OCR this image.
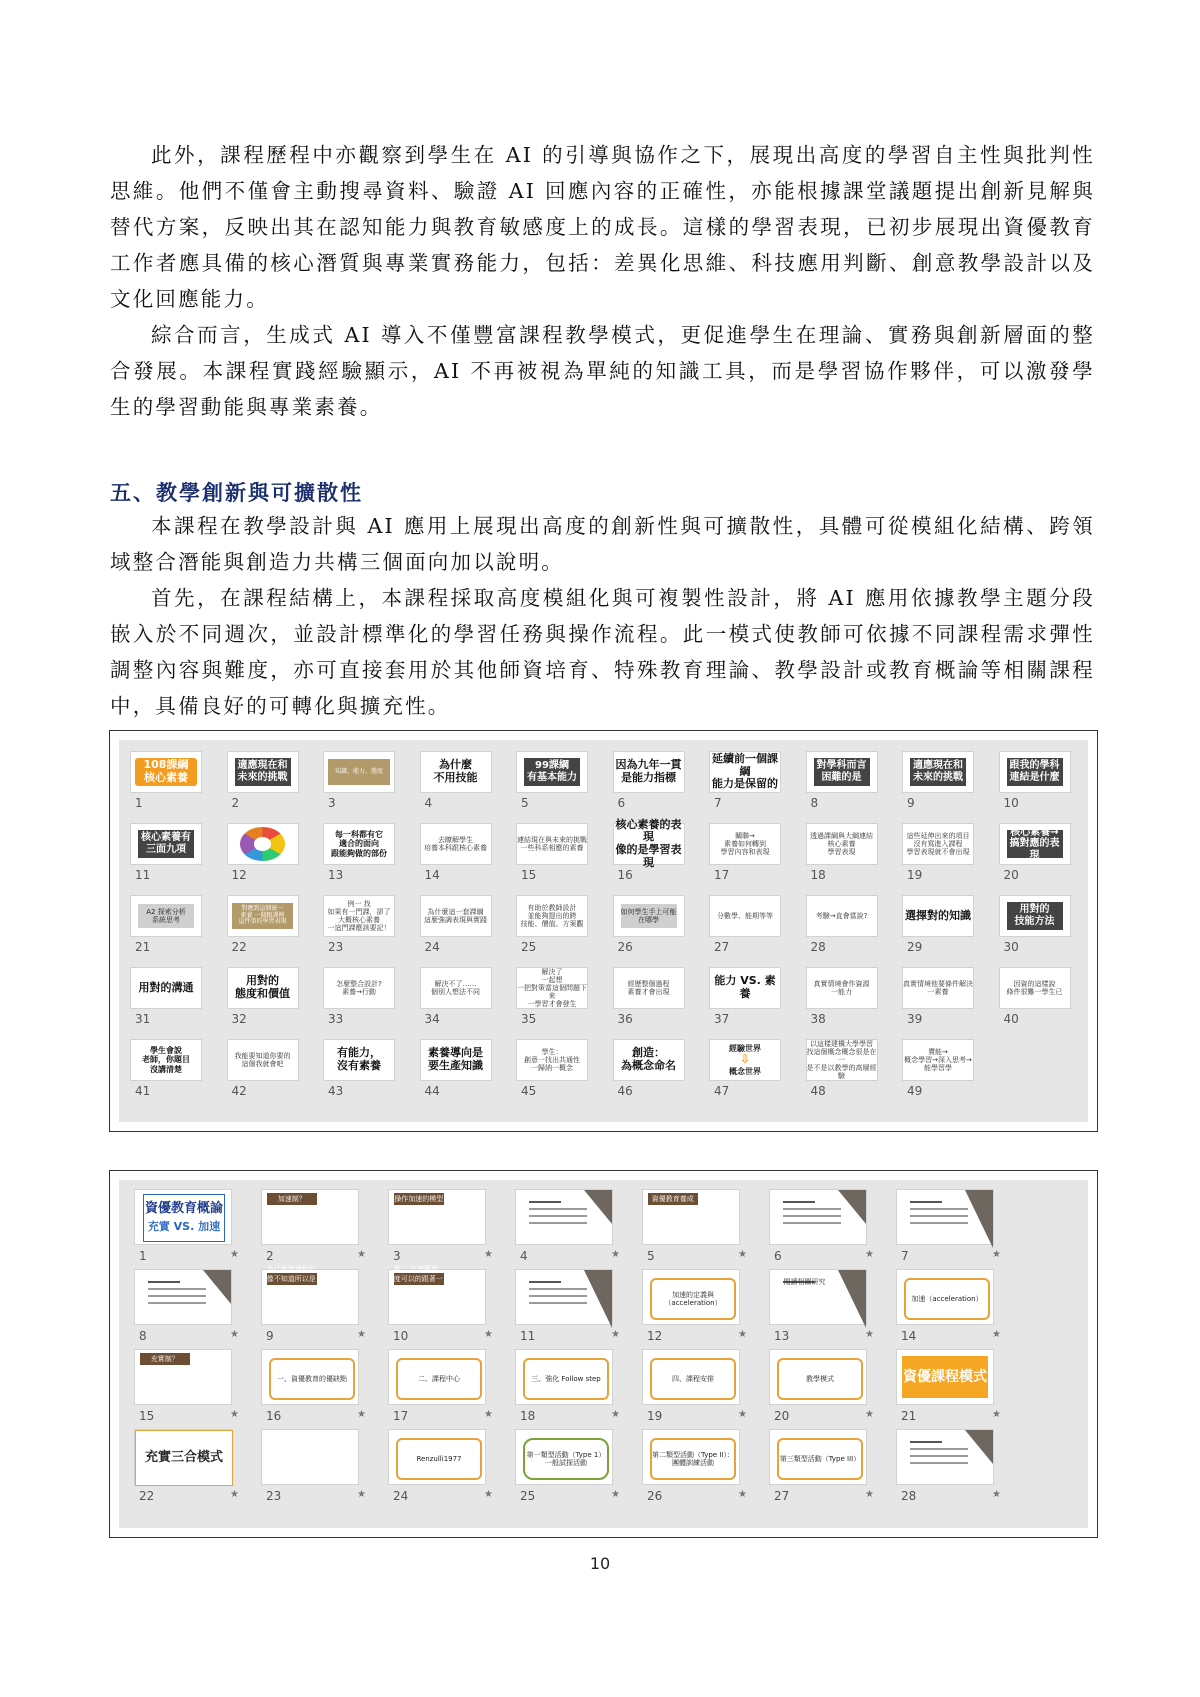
此外，課程歷程中亦觀察到學生在 AI 的引導與協作之下，展現出高度的學習自主性與批判性思維。他們不僅會主動搜尋資料、驗證 AI 回應內容的正確性，亦能根據課堂議題提出創新見解與替代方案，反映出其在認知能力與教育敏感度上的成長。這樣的學習表現，已初步展現出資優教育工作者應具備的核心潛質與專業實務能力，包括：差異化思維、科技應用判斷、創意教學設計以及文化回應能力。

綜合而言，生成式 AI 導入不僅豐富課程教學模式，更促進學生在理論、實務與創新層面的整合發展。本課程實踐經驗顯示，AI 不再被視為單純的知識工具，而是學習協作夥伴，可以激發學生的學習動能與專業素養。

五、教學創新與可擴散性

本課程在教學設計與 AI 應用上展現出高度的創新性與可擴散性，具體可從模組化結構、跨領域整合潛能與創造力共構三個面向加以說明。

首先，在課程結構上，本課程採取高度模組化與可複製性設計，將 AI 應用依據教學主題分段嵌入於不同週次，並設計標準化的學習任務與操作流程。此一模式使教師可依據不同課程需求彈性調整內容與難度，亦可直接套用於其他師資培育、特殊教育理論、教學設計或教育概論等相關課程中，具備良好的可轉化與擴充性。

108課綱
核心素養
1
適應現在和
未來的挑戰
2
知識、能力、態度
3
為什麼
不用技能
4
99課綱
有基本能力
5
因為九年一貫
是能力指標
6
延續前一個課綱
能力是保留的
7
對學科而言
困難的是
8
適應現在和
未來的挑戰
9
跟我的學科
連結是什麼
10
核心素養有
三面九項
11	12
每一科都有它
適合的面向
跟能夠做的部份
13
去瞭解學生
培養本科跟核心素養
14
連結現在與未來的挑戰
一些科系相應的素養
15
核心素養的表現
像的是學習表現
16
關聯→
素養如何轉到
學習內容和表現
17
透過課綱與大綱連結
核心素養
學習表現
18
這些延伸出來的項目
沒有寫進入課程
學習表現就不會出現
19
核心素養→
搞對應的表現
20
A2 探索分析
系統思考
21
對應到這個統一
素養 一個跟課例
這件事的學習表現
22
例一 找
如果有一門課，卻了
大概核心素養
一這門課應該要記！
23
為什麼這一套課綱
這麼強調表現與實踐
24
有助於教師設計
並能夠提出的跨
技能、價值、方案觀
25
如何學生手上可能在哪學
26
分數學、能期等等
27
考驗→直會當說?
28
選擇對的知識
29
用對的
技能方法
30
用對的溝通
31
用對的
態度和價值
32
怎麼整合設計?
素養→行動
33
解決不了……
個別人想法不同
34
解決了
一起想
一把對策當這個問題下來
一學習才會發生
35
經歷整個過程
素養才會出現
36
能力 VS. 素養
37
真實情境會作資源
一能力
38
真實情境他要條件解決
一素養
39
因資的這樣說
條件很難一學生已
40
學生會說
老師，你題目
沒講清楚
41
我能要知道你要的
這個我就會吧
42
有能力，
沒有素養
43
素養導向是
要生產知識
44
學生：
創意一找出共通性
一歸納一概念
45
創造：
為概念命名
46
經驗世界
⇩
概念世界
47
以這樣建構大學學習
找這個概念概念很是在一
是不是以教學的高層經驗
48
賣能→
概念學習→深入思考→能學習學
49
資優教育概論
充實 VS. 加速
1	★
加速制？
2	★
操作加速的模型
3	★ 4	★
資優教育養成
5	★ 6	★ 7	★
8	★
為什麼加速制好像不知道所以是這種情況
9	★
跳一 在這種進度可以的跟著一開始活動
10	★ 11	★
加速的定義與（acceleration）
12	★
閱讀相關研究
13	★
加速（acceleration）
14	★
充實制？
15	★
一、資優教育的優缺點
16	★
二、課程中心
17	★
三、強化 Follow step
18	★
四、課程安排
19	★
教學模式
20	★
資優課程模式
21	★
充實三合模式
22	★ 23	★
Renzulli1977
24	★
第一類型活動（Type 1）一般試探活動
25	★
第二類型活動（Type II）：團體訓練活動
26	★
第三類型活動（Type III）
27	★ 28	★
10
